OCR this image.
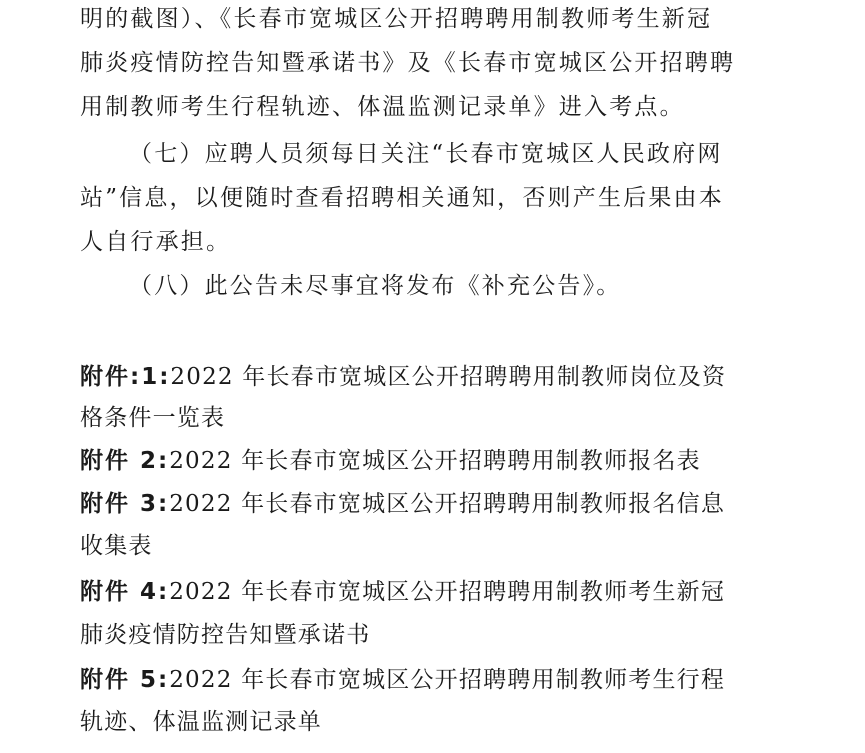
明的截图）、《长春市宽城区公开招聘聘用制教师考生新冠
肺炎疫情防控告知暨承诺书》及《长春市宽城区公开招聘聘
用制教师考生行程轨迹、体温监测记录单》进入考点。
（七）应聘人员须每日关注“长春市宽城区人民政府网
站”信息，以便随时查看招聘相关通知，否则产生后果由本
人自行承担。
（八）此公告未尽事宜将发布《补充公告》。
附件:1:2022 年长春市宽城区公开招聘聘用制教师岗位及资
格条件一览表
附件 2:2022 年长春市宽城区公开招聘聘用制教师报名表
附件 3:2022 年长春市宽城区公开招聘聘用制教师报名信息
收集表
附件 4:2022 年长春市宽城区公开招聘聘用制教师考生新冠
肺炎疫情防控告知暨承诺书
附件 5:2022 年长春市宽城区公开招聘聘用制教师考生行程
轨迹、体温监测记录单
